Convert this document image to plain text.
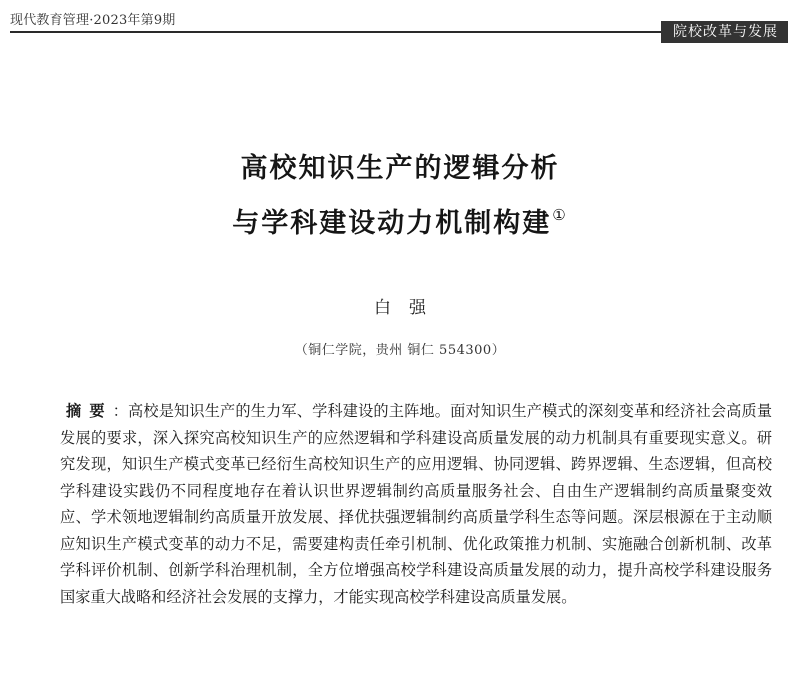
现代教育管理·2023年第9期
院校改革与发展
高校知识生产的逻辑分析
与学科建设动力机制构建①
白强
（铜仁学院，贵州 铜仁 554300）
摘要：高校是知识生产的生力军、学科建设的主阵地。面对知识生产模式的深刻变革和经济社会高质量发展的要求，深入探究高校知识生产的应然逻辑和学科建设高质量发展的动力机制具有重要现实意义。研究发现，知识生产模式变革已经衍生高校知识生产的应用逻辑、协同逻辑、跨界逻辑、生态逻辑，但高校学科建设实践仍不同程度地存在着认识世界逻辑制约高质量服务社会、自由生产逻辑制约高质量聚变效应、学术领地逻辑制约高质量开放发展、择优扶强逻辑制约高质量学科生态等问题。深层根源在于主动顺应知识生产模式变革的动力不足，需要建构责任牵引机制、优化政策推力机制、实施融合创新机制、改革学科评价机制、创新学科治理机制，全方位增强高校学科建设高质量发展的动力，提升高校学科建设服务国家重大战略和经济社会发展的支撑力，才能实现高校学科建设高质量发展。
